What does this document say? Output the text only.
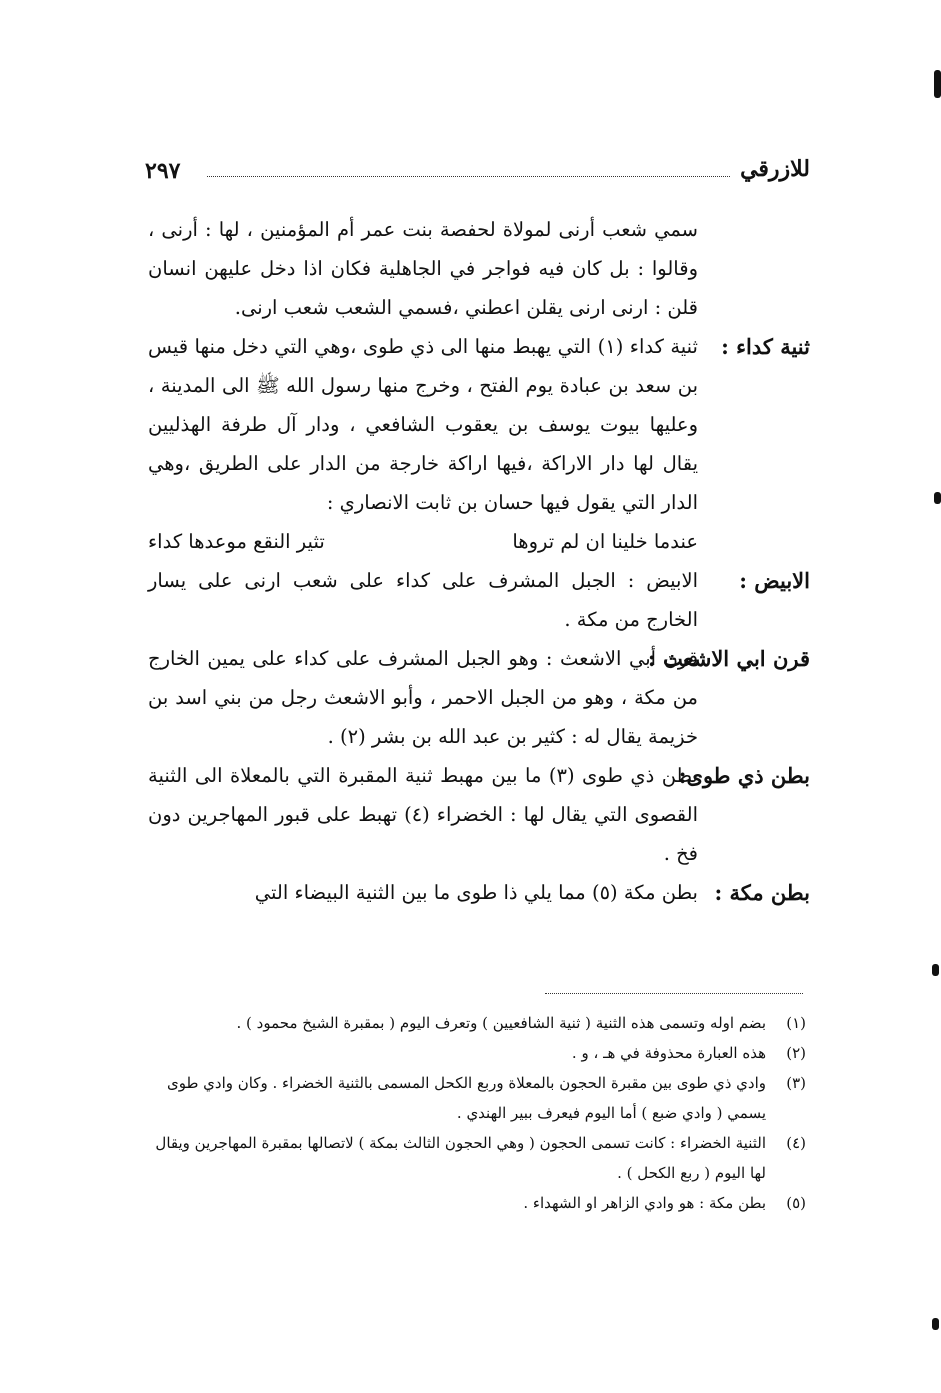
٢٩٧	للازرقي
سمي شعب أرنى لمولاة لحفصة بنت عمر أم المؤمنين ، لها : أرنى ، وقالوا : بل كان فيه فواجر في الجاهلية فكان اذا دخل عليهن انسان قلن : ارنى ارنى يقلن اعطني ،فسمي الشعب شعب ارنى.
ثنية كداء :
ثنية كداء (١) التي يهبط منها الى ذي طوى ،وهي التي دخل منها قيس بن سعد بن عبادة يوم الفتح ، وخرج منها رسول الله ﷺ الى المدينة ، وعليها بيوت يوسف بن يعقوب الشافعي ، ودار آل طرفة الهذليين يقال لها دار الاراكة ،فيها اراكة خارجة من الدار على الطريق ،وهي الدار التي يقول فيها حسان بن ثابت الانصاري :
عندما خلينا ان لم تروها
تثير النقع موعدها كداء
الابيض :
الابيض : الجبل المشرف على كداء على شعب ارنى على يسار الخارج من مكة .
قرن ابي الاشعث :
قرن أبي الاشعث : وهو الجبل المشرف على كداء على يمين الخارج من مكة ، وهو من الجبل الاحمر ، وأبو الاشعث رجل من بني اسد بن خزيمة يقال له : كثير بن عبد الله بن بشر (٢) .
بطن ذي طوى:
بطن ذي طوى (٣) ما بين مهبط ثنية المقبرة التي بالمعلاة الى الثنية القصوى التي يقال لها : الخضراء (٤) تهبط على قبور المهاجرين دون فخ .
بطن مكة :
بطن مكة (٥) مما يلي ذا طوى ما بين الثنية البيضاء التي
(١)
بضم اوله وتسمى هذه الثنية ( ثنية الشافعيين ) وتعرف اليوم ( بمقبرة الشيخ محمود ) .
(٢)
هذه العبارة محذوفة في هـ ، و .
(٣)
وادي ذي طوى بين مقبرة الحجون بالمعلاة وربع الكحل المسمى بالثنية الخضراء . وكان وادي طوى يسمي ( وادي ضبع ) أما اليوم فيعرف ببير الهندي .
(٤)
الثنية الخضراء : كانت تسمى الحجون ( وهي الحجون الثالث بمكة ) لاتصالها بمقبرة المهاجرين ويقال لها اليوم ( ربع الكحل ) .
(٥)
بطن مكة : هو وادي الزاهر او الشهداء .
